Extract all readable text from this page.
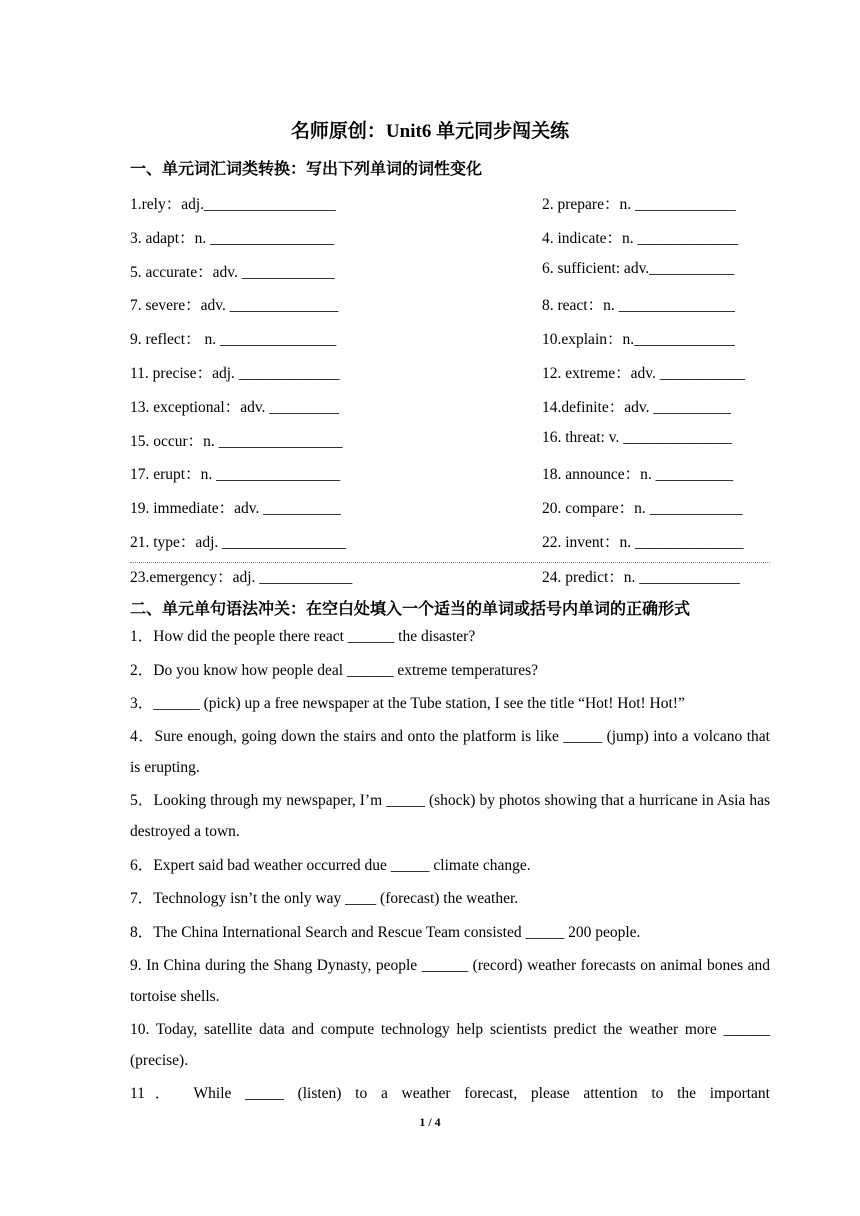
名师原创：Unit6 单元同步闯关练
一、单元词汇词类转换：写出下列单词的词性变化
1.rely：adj._________________	2. prepare：n. _____________
3. adapt：n. ________________	4. indicate：n. _____________
5. accurate：adv. ____________	6. sufficient: adv.___________
7. severe：adv. ______________	8. react：n. _______________
9. reflect： n. _______________	10.explain：n._____________
11. precise：adj. _____________	12. extreme：adv. ___________
13. exceptional：adv. _________	14.definite：adv. __________
15. occur：n. ________________	16. threat: v. ______________
17. erupt：n. ________________	18. announce：n. __________
19. immediate：adv. __________	20. compare：n. ____________
21. type：adj. ________________	22. invent：n. ______________
23.emergency：adj. ____________	24. predict：n. _____________
二、单元单句语法冲关：在空白处填入一个适当的单词或括号内单词的正确形式
1．How did the people there react ______ the disaster?
2．Do you know how people deal ______ extreme temperatures?
3．______ (pick) up a free newspaper at the Tube station, I see the title “Hot! Hot! Hot!”
4．Sure enough, going down the stairs and onto the platform is like _____ (jump) into a volcano that is erupting.
5．Looking through my newspaper, I’m _____ (shock) by photos showing that a hurricane in Asia has destroyed a town.
6．Expert said bad weather occurred due _____ climate change.
7．Technology isn’t the only way ____ (forecast) the weather.
8．The China International Search and Rescue Team consisted _____ 200 people.
9. In China during the Shang Dynasty, people ______ (record) weather forecasts on animal bones and tortoise shells.
10. Today, satellite data and compute technology help scientists predict the weather more ______ (precise).
11． While _____ (listen) to a weather forecast, please attention to the important
1 / 4
